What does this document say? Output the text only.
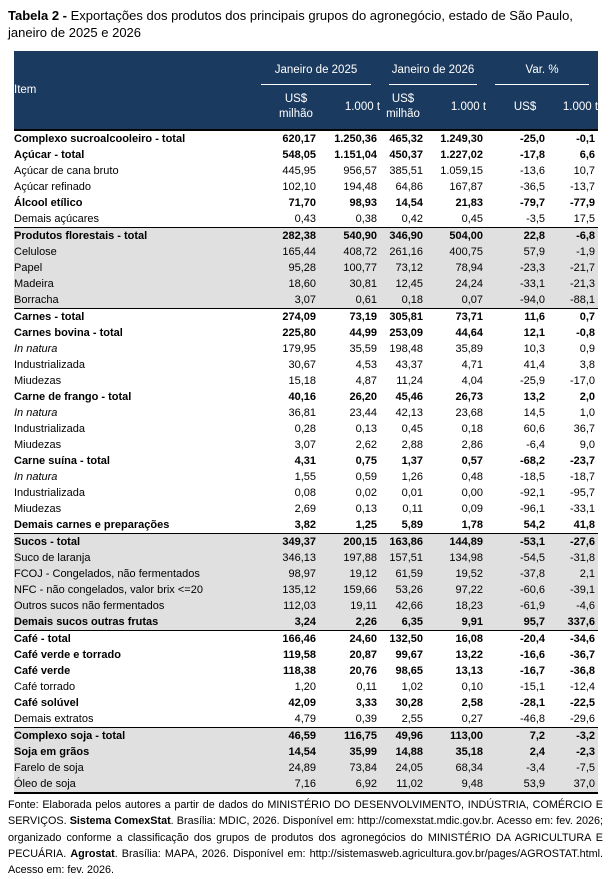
Tabela 2 - Exportações dos produtos dos principais grupos do agronegócio, estado de São Paulo, janeiro de 2025 e 2026

Item	Janeiro de 2025		Janeiro de 2026		Var. %	

	US$ milhão	1.000 t	US$ milhão	1.000 t	US$	1.000 t
Complexo sucroalcooleiro - total	620,17	1.250,36	465,32	1.249,30	-25,0	-0,1
Açúcar - total	548,05	1.151,04	450,37	1.227,02	-17,8	6,6
Açúcar de cana bruto	445,95	956,57	385,51	1.059,15	-13,6	10,7
Açúcar refinado	102,10	194,48	64,86	167,87	-36,5	-13,7
Álcool etílico	71,70	98,93	14,54	21,83	-79,7	-77,9
Demais açúcares	0,43	0,38	0,42	0,45	-3,5	17,5
Produtos florestais - total	282,38	540,90	346,90	504,00	22,8	-6,8
Celulose	165,44	408,72	261,16	400,75	57,9	-1,9
Papel	95,28	100,77	73,12	78,94	-23,3	-21,7
Madeira	18,60	30,81	12,45	24,24	-33,1	-21,3
Borracha	3,07	0,61	0,18	0,07	-94,0	-88,1
Carnes - total	274,09	73,19	305,81	73,71	11,6	0,7
Carnes bovina - total	225,80	44,99	253,09	44,64	12,1	-0,8
In natura	179,95	35,59	198,48	35,89	10,3	0,9
Industrializada	30,67	4,53	43,37	4,71	41,4	3,8
Miudezas	15,18	4,87	11,24	4,04	-25,9	-17,0
Carne de frango - total	40,16	26,20	45,46	26,73	13,2	2,0
In natura	36,81	23,44	42,13	23,68	14,5	1,0
Industrializada	0,28	0,13	0,45	0,18	60,6	36,7
Miudezas	3,07	2,62	2,88	2,86	-6,4	9,0
Carne suína - total	4,31	0,75	1,37	0,57	-68,2	-23,7
In natura	1,55	0,59	1,26	0,48	-18,5	-18,7
Industrializada	0,08	0,02	0,01	0,00	-92,1	-95,7
Miudezas	2,69	0,13	0,11	0,09	-96,1	-33,1
Demais carnes e preparações	3,82	1,25	5,89	1,78	54,2	41,8
Sucos - total	349,37	200,15	163,86	144,89	-53,1	-27,6
Suco de laranja	346,13	197,88	157,51	134,98	-54,5	-31,8
FCOJ - Congelados, não fermentados	98,97	19,12	61,59	19,52	-37,8	2,1
NFC - não congelados, valor brix <=20	135,12	159,66	53,26	97,22	-60,6	-39,1
Outros sucos não fermentados	112,03	19,11	42,66	18,23	-61,9	-4,6
Demais sucos outras frutas	3,24	2,26	6,35	9,91	95,7	337,6
Café - total	166,46	24,60	132,50	16,08	-20,4	-34,6
Café verde e torrado	119,58	20,87	99,67	13,22	-16,6	-36,7
Café verde	118,38	20,76	98,65	13,13	-16,7	-36,8
Café torrado	1,20	0,11	1,02	0,10	-15,1	-12,4
Café solúvel	42,09	3,33	30,28	2,58	-28,1	-22,5
Demais extratos	4,79	0,39	2,55	0,27	-46,8	-29,6
Complexo soja - total	46,59	116,75	49,96	113,00	7,2	-3,2
Soja em grãos	14,54	35,99	14,88	35,18	2,4	-2,3
Farelo de soja	24,89	73,84	24,05	68,34	-3,4	-7,5
Óleo de soja	7,16	6,92	11,02	9,48	53,9	37,0

Fonte: Elaborada pelos autores a partir de dados do MINISTÉRIO DO DESENVOLVIMENTO, INDÚSTRIA, COMÉRCIO E SERVIÇOS. Sistema ComexStat. Brasília: MDIC, 2026. Disponível em: http://comexstat.mdic.gov.br. Acesso em: fev. 2026; organizado conforme a classificação dos grupos de produtos dos agronegócios do MINISTÉRIO DA AGRICULTURA E PECUÁRIA. Agrostat. Brasília: MAPA, 2026. Disponível em: http://sistemasweb.agricultura.gov.br/pages/AGROSTAT.html. Acesso em: fev. 2026.
